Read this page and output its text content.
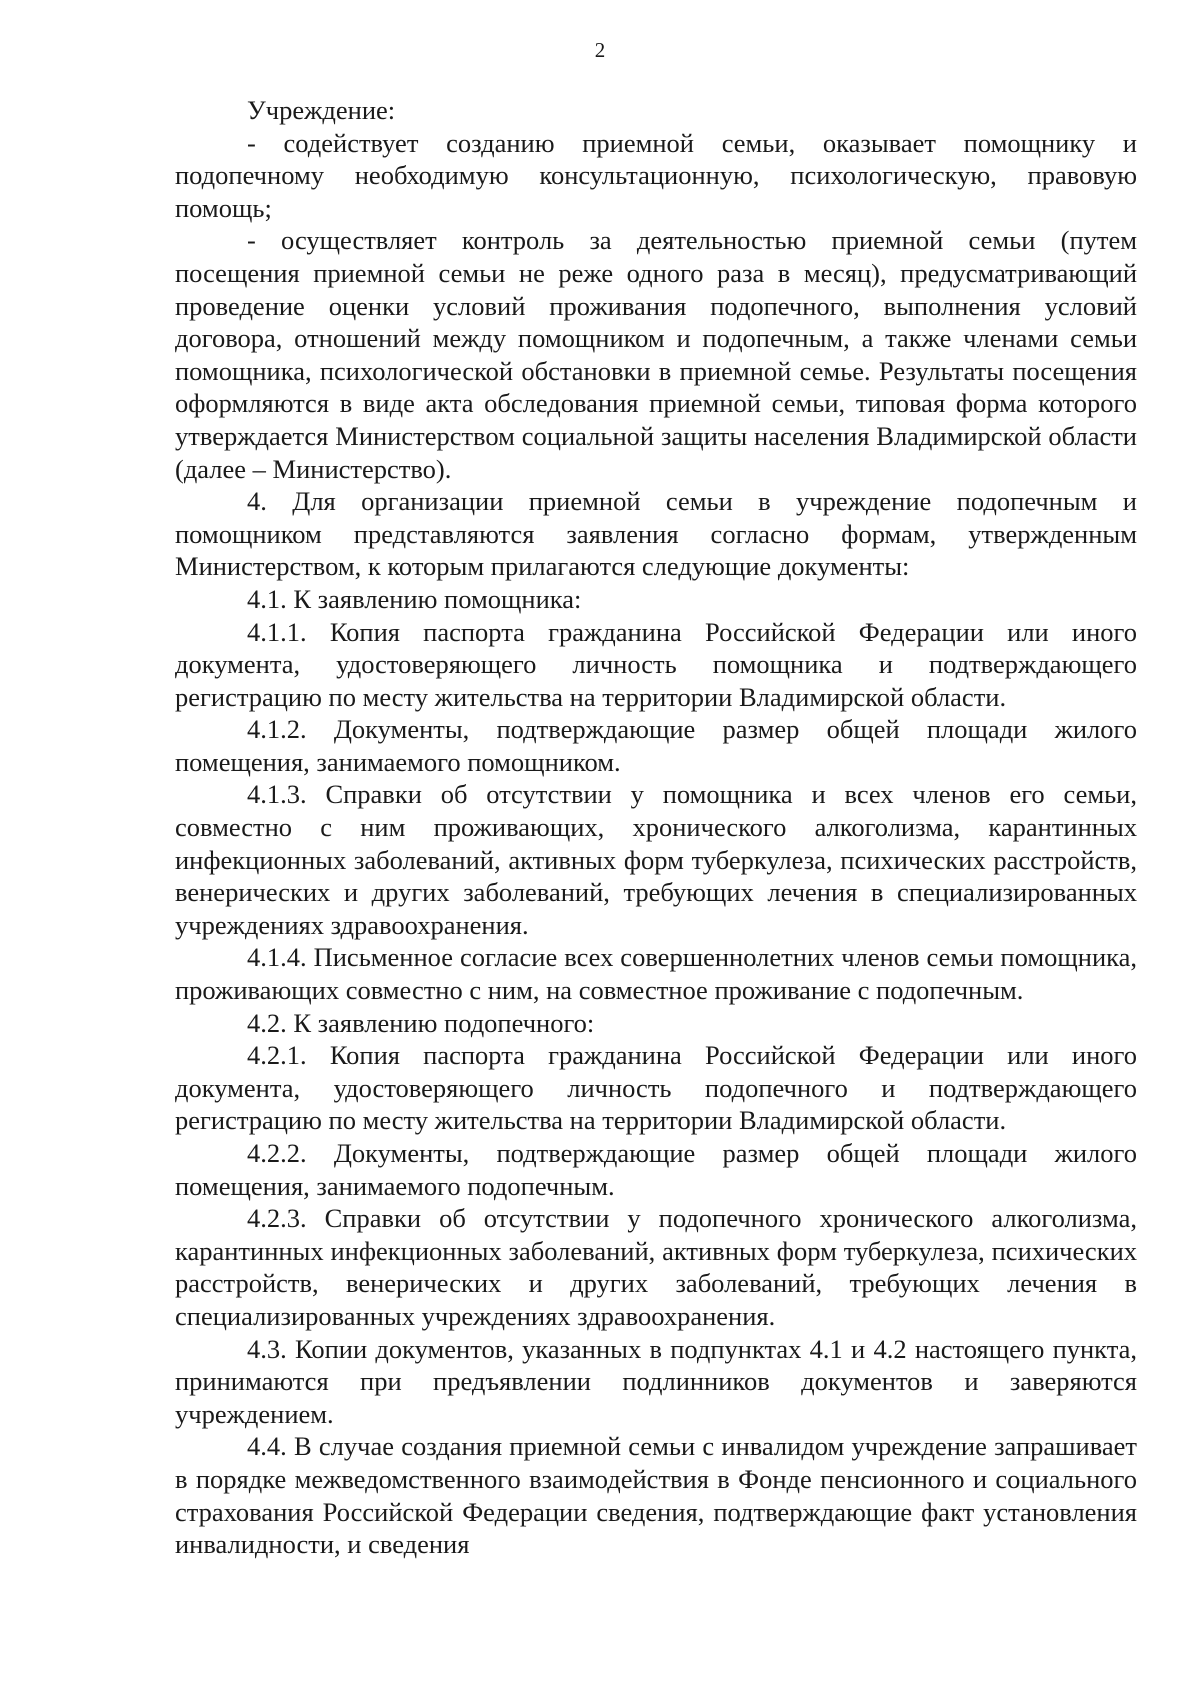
2

Учреждение:

- содействует созданию приемной семьи, оказывает помощнику и подопечному необходимую консультационную, психологическую, правовую помощь;

- осуществляет контроль за деятельностью приемной семьи (путем посещения приемной семьи не реже одного раза в месяц), предусматривающий проведение оценки условий проживания подопечного, выполнения условий договора, отношений между помощником и подопечным, а также членами семьи помощника, психологической обстановки в приемной семье. Результаты посещения оформляются в виде акта обследования приемной семьи, типовая форма которого утверждается Министерством социальной защиты населения Владимирской области (далее – Министерство).

4. Для организации приемной семьи в учреждение подопечным и помощником представляются заявления согласно формам, утвержденным Министерством, к которым прилагаются следующие документы:

4.1. К заявлению помощника:

4.1.1. Копия паспорта гражданина Российской Федерации или иного документа, удостоверяющего личность помощника и подтверждающего регистрацию по месту жительства на территории Владимирской области.

4.1.2. Документы, подтверждающие размер общей площади жилого помещения, занимаемого помощником.

4.1.3. Справки об отсутствии у помощника и всех членов его семьи, совместно с ним проживающих, хронического алкоголизма, карантинных инфекционных заболеваний, активных форм туберкулеза, психических расстройств, венерических и других заболеваний, требующих лечения в специализированных учреждениях здравоохранения.

4.1.4. Письменное согласие всех совершеннолетних членов семьи помощника, проживающих совместно с ним, на совместное проживание с подопечным.

4.2. К заявлению подопечного:

4.2.1. Копия паспорта гражданина Российской Федерации или иного документа, удостоверяющего личность подопечного и подтверждающего регистрацию по месту жительства на территории Владимирской области.

4.2.2. Документы, подтверждающие размер общей площади жилого помещения, занимаемого подопечным.

4.2.3. Справки об отсутствии у подопечного хронического алкоголизма, карантинных инфекционных заболеваний, активных форм туберкулеза, психических расстройств, венерических и других заболеваний, требующих лечения в специализированных учреждениях здравоохранения.

4.3. Копии документов, указанных в подпунктах 4.1 и 4.2 настоящего пункта, принимаются при предъявлении подлинников документов и заверяются учреждением.

4.4. В случае создания приемной семьи с инвалидом учреждение запрашивает в порядке межведомственного взаимодействия в Фонде пенсионного и социального страхования Российской Федерации сведения, подтверждающие факт установления инвалидности, и сведения
